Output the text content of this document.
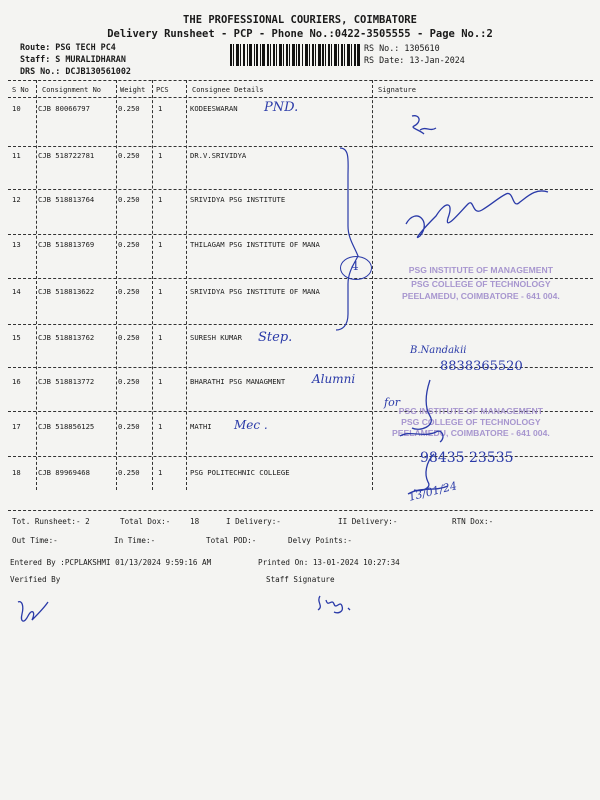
THE PROFESSIONAL COURIERS, COIMBATORE
Delivery Runsheet - PCP - Phone No.:0422-3505555 - Page No.:2
Route: PSG TECH PC4
Staff: S MURALIDHARAN
DRS No.: DCJB130561002
RS No.: 1305610
RS Date: 13-Jan-2024
S No Consignment No	Weight PCS	Consignee Details	Signature
10 CJB 80066797	0.250	1	KODEESWARAN
11 CJB 518722781	0.250	1	DR.V.SRIVIDYA
12 CJB 518813764	0.250	1	SRIVIDYA PSG INSTITUTE
13 CJB 518813769	0.250	1	THILAGAM PSG INSTITUTE OF MANA
14 CJB 518813622	0.250	1	SRIVIDYA PSG INSTITUTE OF MANA
15 CJB 518813762	0.250	1	SURESH KUMAR
16 CJB 518813772	0.250	1	BHARATHI PSG MANAGMENT
17 CJB 518856125	0.250	1	MATHI
18 CJB 89969468	0.250	1	PSG POLITECHNIC COLLEGE
Tot. Runsheet:- 2	Total Dox:-	18	I Delivery:-	II Delivery:-	RTN Dox:-
Out Time:-	In Time:-	Total POD:-	Delvy Points:-
Entered By :PCPLAKSHMI 01/13/2024 9:59:16 AM	Printed On: 13-01-2024 10:27:34
Verified By	Staff Signature
PSG INSTITUTE OF MANAGEMENT
PSG COLLEGE OF TECHNOLOGY
PEELAMEDU, COIMBATORE - 641 004.
PSG INSTITUTE OF MANAGEMENT
PSG COLLEGE OF TECHNOLOGY
PEELAMEDU, COIMBATORE - 641 004.
PND.
Step.
Alumni
Mec .
B.Nandakii
8838365520
for
98435 23535
13/01/24
4
